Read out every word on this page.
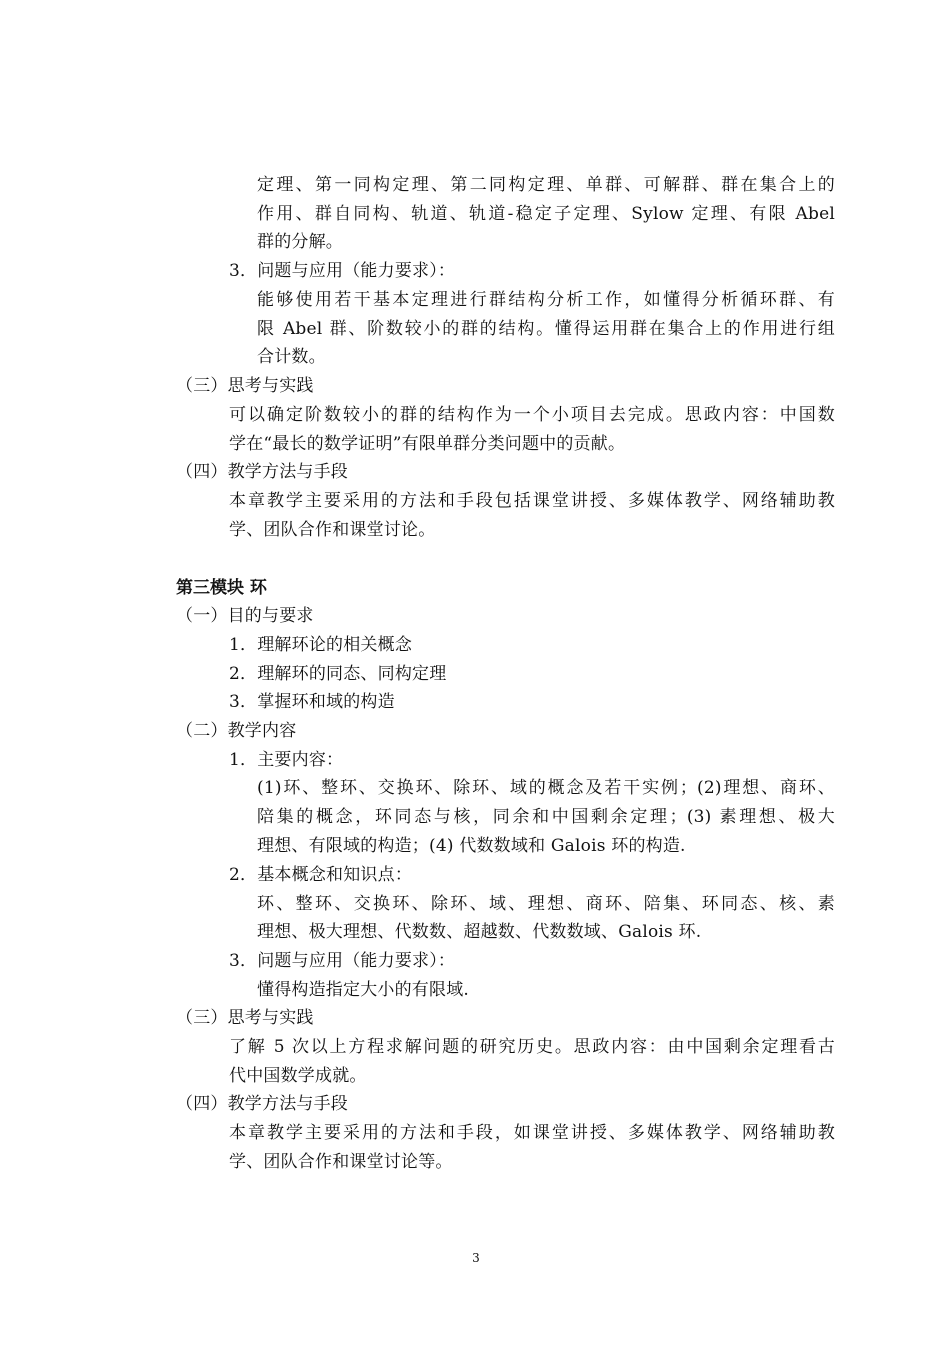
定理、第一同构定理、第二同构定理、单群、可解群、群在集合上的
作用、群自同构、轨道、轨道-稳定子定理、Sylow 定理、有限 Abel
群的分解。
3．问题与应用（能力要求）：
能够使用若干基本定理进行群结构分析工作，如懂得分析循环群、有
限 Abel 群、阶数较小的群的结构。懂得运用群在集合上的作用进行组
合计数。
（三）思考与实践
可以确定阶数较小的群的结构作为一个小项目去完成。思政内容：中国数
学在“最长的数学证明”有限单群分类问题中的贡献。
（四）教学方法与手段
本章教学主要采用的方法和手段包括课堂讲授、多媒体教学、网络辅助教
学、团队合作和课堂讨论。
第三模块 环
（一）目的与要求
1．理解环论的相关概念
2．理解环的同态、同构定理
3．掌握环和域的构造
（二）教学内容
1．主要内容：
(1)环、整环、交换环、除环、域的概念及若干实例；(2)理想、商环、
陪集的概念，环同态与核，同余和中国剩余定理；(3) 素理想、极大
理想、有限域的构造；(4) 代数数域和 Galois 环的构造.
2．基本概念和知识点：
环、整环、交换环、除环、域、理想、商环、陪集、环同态、核、素
理想、极大理想、代数数、超越数、代数数域、Galois 环.
3．问题与应用（能力要求）：
懂得构造指定大小的有限域.
（三）思考与实践
了解 5 次以上方程求解问题的研究历史。思政内容：由中国剩余定理看古
代中国数学成就。
（四）教学方法与手段
本章教学主要采用的方法和手段，如课堂讲授、多媒体教学、网络辅助教
学、团队合作和课堂讨论等。
3
